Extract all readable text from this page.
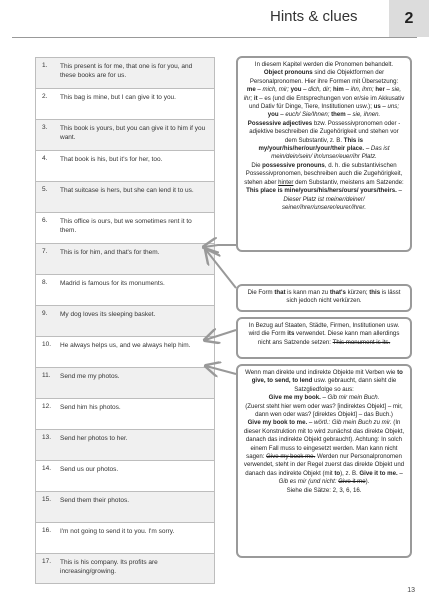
Hints & clues	2
1.	This present is for me, that one is for you, and these books are for us.
2.	This bag is mine, but I can give it to you.
3.	This book is yours, but you can give it to him if you want.
4.	That book is his, but it's for her, too.
5.	That suitcase is hers, but she can lend it to us.
6.	This office is ours, but we sometimes rent it to them.
7.	This is for him, and that's for them.
8.	Madrid is famous for its monuments.
9.	My dog loves its sleeping basket.
10.	He always helps us, and we always help him.
11.	Send me my photos.
12.	Send him his photos.
13.	Send her photos to her.
14.	Send us our photos.
15.	Send them their photos.
16.	I'm not going to send it to you. I'm sorry.
17.	This is his company. Its profits are increasing/growing.
In diesem Kapitel werden die Pronomen behandelt.
Object pronouns sind die Objektformen der Personalpronomen. Hier ihre Formen mit Übersetzung:
me – mich, mir; you – dich, dir; him – ihn, ihm; her – sie, ihr; it – es (und die Entsprechungen von er/sie im Akkusativ und Dativ für Dinge, Tiere, Institutionen usw.); us – uns; you – euch/ Sie/Ihnen; them – sie, ihnen.
Possessive adjectives bzw. Possessivpronomen oder -adjektive beschreiben die Zugehörigkeit und stehen vor dem Substantiv, z. B. This is my/your/his/her/our/your/their place. – Das ist mein/dein/sein/ ihr/unser/euer/ihr Platz.
Die possessive pronouns, d. h. die substantivischen Possessivpronomen, beschreiben auch die Zugehörigkeit, stehen aber hinter dem Substantiv, meistens am Satzende:
This place is mine/yours/his/hers/ours/ yours/theirs. – Dieser Platz ist meiner/deiner/ seiner/ihrer/unserer/eurer/ihrer.
Die Form that is kann man zu that's kürzen; this is lässt sich jedoch nicht verkürzen.
In Bezug auf Staaten, Städte, Firmen, Institutionen usw. wird die Form its verwendet. Diese kann man allerdings nicht ans Satzende setzen: This monument is its.
Wenn man direkte und indirekte Objekte mit Verben wie to give, to send, to lend usw. gebraucht, dann sieht die Satzgliedfolge so aus:
Give me my book. – Gib mir mein Buch.
(Zuerst steht hier wem oder was? [indirektes Objekt] – mir, dann wen oder was? [direktes Objekt] – das Buch.)
Give my book to me. – wörtl.: Gib mein Buch zu mir. (In dieser Konstruktion mit to wird zunächst das direkte Objekt, danach das indirekte Objekt gebraucht). Achtung: In solch einem Fall muss to eingesetzt werden. Man kann nicht sagen: Give my book me. Werden nur Personalpronomen verwendet, steht in der Regel zuerst das direkte Objekt und danach das indirekte Objekt (mit to), z. B. Give it to me. – Gib es mir (und nicht: Give it me).
Siehe die Sätze: 2, 3, 6, 16.
13
